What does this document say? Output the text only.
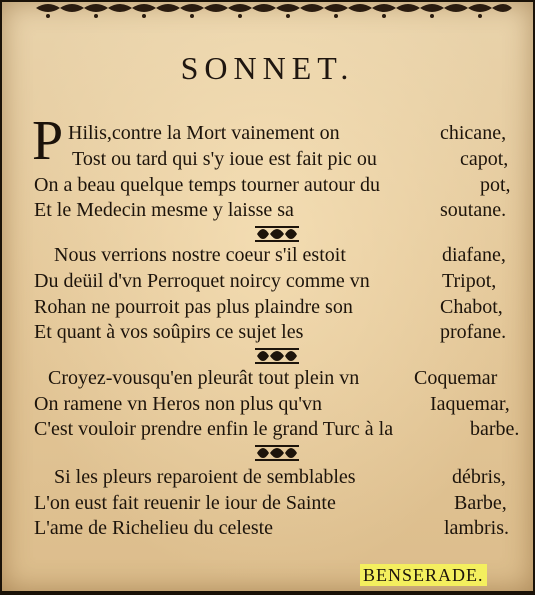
SONNET.
P Hilis,contre la Mort vainement on	chicane,
Tost ou tard qui s'y ioue est fait pic ou	capot,
On a beau quelque temps tourner autour du	pot,
Et le Medecin mesme y laisse sa	soutane.
Nous verrions nostre coeur s'il estoit	diafane,
Du deüil d'vn Perroquet noircy comme vn	Tripot,
Rohan ne pourroit pas plus plaindre son	Chabot,
Et quant à vos soûpirs ce sujet les	profane.
Croyez-vousqu'en pleurât tout plein vn	Coquemar
On ramene vn Heros non plus qu'vn	Iaquemar,
C'est vouloir prendre enfin le grand Turc à la	barbe.
Si les pleurs reparoient de semblables	débris,
L'on eust fait reuenir le iour de Sainte	Barbe,
L'ame de Richelieu du celeste	lambris.
BENSERADE.
